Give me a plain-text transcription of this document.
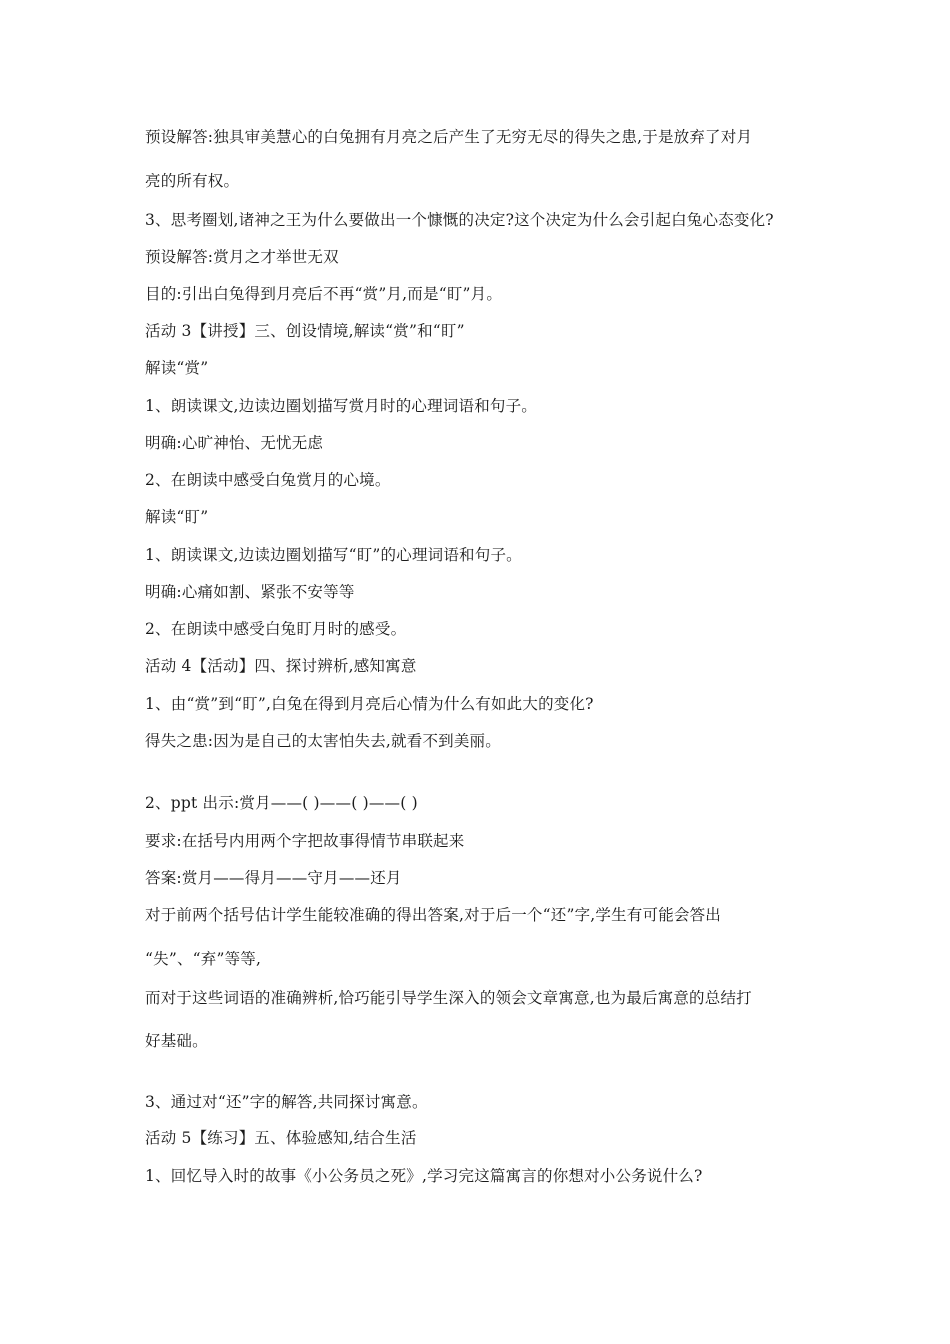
预设解答:独具审美慧心的白兔拥有月亮之后产生了无穷无尽的得失之患,于是放弃了对月

亮的所有权。

3、思考圈划,诸神之王为什么要做出一个慷慨的决定?这个决定为什么会引起白兔心态变化?

预设解答:赏月之才举世无双

目的:引出白兔得到月亮后不再“赏”月,而是“盯”月。

活动 3【讲授】三、创设情境,解读“赏”和“盯”

解读“赏”

1、朗读课文,边读边圈划描写赏月时的心理词语和句子。

明确:心旷神怡、无忧无虑

2、在朗读中感受白兔赏月的心境。

解读“盯”

1、朗读课文,边读边圈划描写“盯”的心理词语和句子。

明确:心痛如割、紧张不安等等

2、在朗读中感受白兔盯月时的感受。

活动 4【活动】四、探讨辨析,感知寓意

1、由“赏”到“盯”,白兔在得到月亮后心情为什么有如此大的变化?

得失之患:因为是自己的太害怕失去,就看不到美丽。

2、ppt 出示:赏月——( )——( )——( )

要求:在括号内用两个字把故事得情节串联起来

答案:赏月——得月——守月——还月

对于前两个括号估计学生能较准确的得出答案,对于后一个“还”字,学生有可能会答出

“失”、“弃”等等,

而对于这些词语的准确辨析,恰巧能引导学生深入的领会文章寓意,也为最后寓意的总结打

好基础。

3、通过对“还”字的解答,共同探讨寓意。

活动 5【练习】五、体验感知,结合生活

1、回忆导入时的故事《小公务员之死》,学习完这篇寓言的你想对小公务说什么?
